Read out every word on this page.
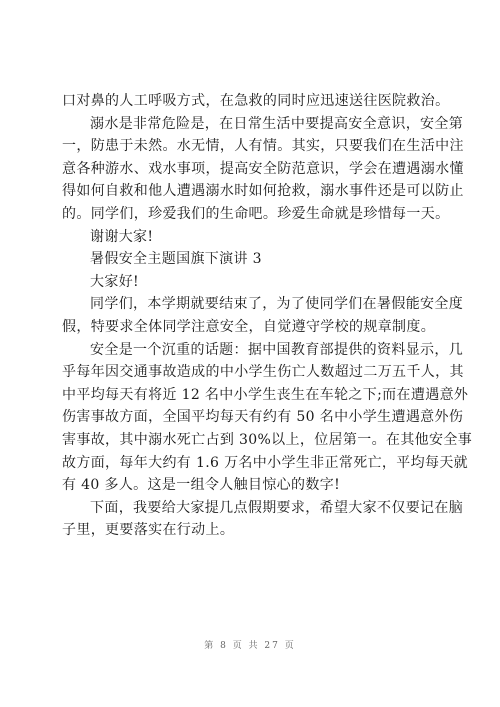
口对鼻的人工呼吸方式，在急救的同时应迅速送往医院救治。
溺水是非常危险是，在日常生活中要提高安全意识，安全第
一，防患于未然。水无情，人有情。其实，只要我们在生活中注
意各种游水、戏水事项，提高安全防范意识，学会在遭遇溺水懂
得如何自救和他人遭遇溺水时如何抢救，溺水事件还是可以防止
的。同学们，珍爱我们的生命吧。珍爱生命就是珍惜每一天。
谢谢大家!
暑假安全主题国旗下演讲 3
大家好!
同学们，本学期就要结束了，为了使同学们在暑假能安全度
假，特要求全体同学注意安全，自觉遵守学校的规章制度。
安全是一个沉重的话题：据中国教育部提供的资料显示，几
乎每年因交通事故造成的中小学生伤亡人数超过二万五千人，其
中平均每天有将近 12 名中小学生丧生在车轮之下;而在遭遇意外
伤害事故方面，全国平均每天有约有 50 名中小学生遭遇意外伤
害事故，其中溺水死亡占到 30%以上，位居第一。在其他安全事
故方面，每年大约有 1.6 万名中小学生非正常死亡，平均每天就
有 40 多人。这是一组令人触目惊心的数字!
下面，我要给大家提几点假期要求，希望大家不仅要记在脑
子里，更要落实在行动上。
第 8 页 共 27 页
